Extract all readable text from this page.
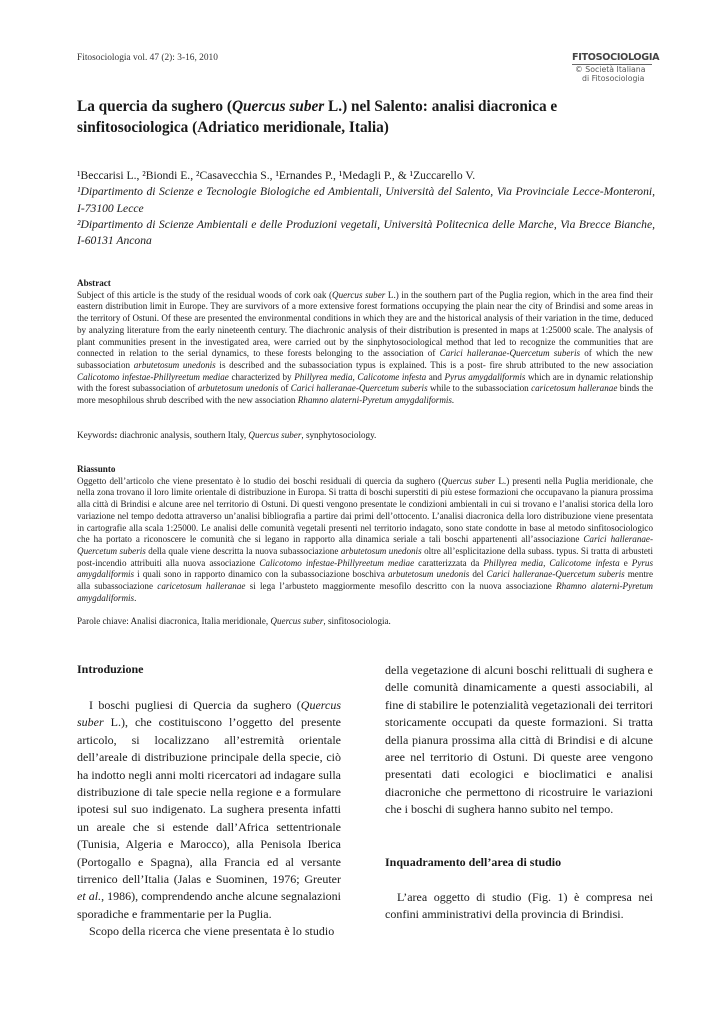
Fitosociologia vol. 47 (2): 3-16, 2010	FITOSOCIOLOGIA
© Società Italiana
di Fitosociologia
La quercia da sughero (Quercus suber L.) nel Salento: analisi diacronica e sinfitosociologica (Adriatico meridionale, Italia)
¹Beccarisi L., ²Biondi E., ²Casavecchia S., ¹Ernandes P., ¹Medagli P., & ¹Zuccarello V.
¹Dipartimento di Scienze e Tecnologie Biologiche ed Ambientali, Università del Salento, Via Provinciale Lecce-Monteroni, I-73100 Lecce
²Dipartimento di Scienze Ambientali e delle Produzioni vegetali, Università Politecnica delle Marche, Via Brecce Bianche, I-60131 Ancona
Abstract
Subject of this article is the study of the residual woods of cork oak (Quercus suber L.) in the southern part of the Puglia region, which in the area find their eastern distribution limit in Europe. They are survivors of a more extensive forest formations occupying the plain near the city of Brindisi and some areas in the territory of Ostuni. Of these are presented the environmental conditions in which they are and the historical analysis of their variation in the time, deduced by analyzing literature from the early nineteenth century. The diachronic analysis of their distribution is presented in maps at 1:25000 scale. The analysis of plant communities present in the investigated area, were carried out by the sinphytosociological method that led to recognize the communities that are connected in relation to the serial dynamics, to these forests belonging to the association of Carici halleranae-Quercetum suberis of which the new subassociation arbutetosum unedonis is described and the subassociation typus is explained. This is a post- fire shrub attributed to the new association Calicotomo infestae-Phillyreetum mediae characterized by Phillyrea media, Calicotome infesta and Pyrus amygdaliformis which are in dynamic relationship with the forest subassociation of arbutetosum unedonis of Carici halleranae-Quercetum suberis while to the subassociation caricetosum halleranae binds the more mesophilous shrub described with the new association Rhamno alaterni-Pyretum amygdaliformis.
Keywords: diachronic analysis, southern Italy, Quercus suber, synphytosociology.
Riassunto
Oggetto dell’articolo che viene presentato è lo studio dei boschi residuali di quercia da sughero (Quercus suber L.) presenti nella Puglia meridionale, che nella zona trovano il loro limite orientale di distribuzione in Europa. Si tratta di boschi superstiti di più estese formazioni che occupavano la pianura prossima alla città di Brindisi e alcune aree nel territorio di Ostuni. Di questi vengono presentate le condizioni ambientali in cui si trovano e l’analisi storica della loro variazione nel tempo dedotta attraverso un’analisi bibliografia a partire dai primi dell’ottocento. L’analisi diacronica della loro distribuzione viene presentata in cartografie alla scala 1:25000. Le analisi delle comunità vegetali presenti nel territorio indagato, sono state condotte in base al metodo sinfitosociologico che ha portato a riconoscere le comunità che si legano in rapporto alla dinamica seriale a tali boschi appartenenti all’associazione Carici halleranae-Quercetum suberis della quale viene descritta la nuova subassociazione arbutetosum unedonis oltre all’esplicitazione della subass. typus. Si tratta di arbusteti post-incendio attribuiti alla nuova associazione Calicotomo infestae-Phillyreetum mediae caratterizzata da Phillyrea media, Calicotome infesta e Pyrus amygdaliformis i quali sono in rapporto dinamico con la subassociazione boschiva arbutetosum unedonis del Carici halleranae-Quercetum suberis mentre alla subassociazione caricetosum halleranae si lega l’arbusteto maggiormente mesofilo descritto con la nuova associazione Rhamno alaterni-Pyretum amygdaliformis.
Parole chiave: Analisi diacronica, Italia meridionale, Quercus suber, sinfitosociologia.
Introduzione

I boschi pugliesi di Quercia da sughero (Quercus suber L.), che costituiscono l’oggetto del presente articolo, si localizzano all’estremità orientale dell’areale di distribuzione principale della specie, ciò ha indotto negli anni molti ricercatori ad indagare sulla distribuzione di tale specie nella regione e a formulare ipotesi sul suo indigenato. La sughera presenta infatti un areale che si estende dall’Africa settentrionale (Tunisia, Algeria e Marocco), alla Penisola Iberica (Portogallo e Spagna), alla Francia ed al versante tirrenico dell’Italia (Jalas e Suominen, 1976; Greuter et al., 1986), comprendendo anche alcune segnalazioni sporadiche e frammentarie per la Puglia.

Scopo della ricerca che viene presentata è lo studio

della vegetazione di alcuni boschi relittuali di sughera e delle comunità dinamicamente a questi associabili, al fine di stabilire le potenzialità vegetazionali dei territori storicamente occupati da queste formazioni. Si tratta della pianura prossima alla città di Brindisi e di alcune aree nel territorio di Ostuni. Di queste aree vengono presentati dati ecologici e bioclimatici e analisi diacroniche che permettono di ricostruire le variazioni che i boschi di sughera hanno subito nel tempo.

Inquadramento dell’area di studio

L’area oggetto di studio (Fig. 1) è compresa nei confini amministrativi della provincia di Brindisi.
